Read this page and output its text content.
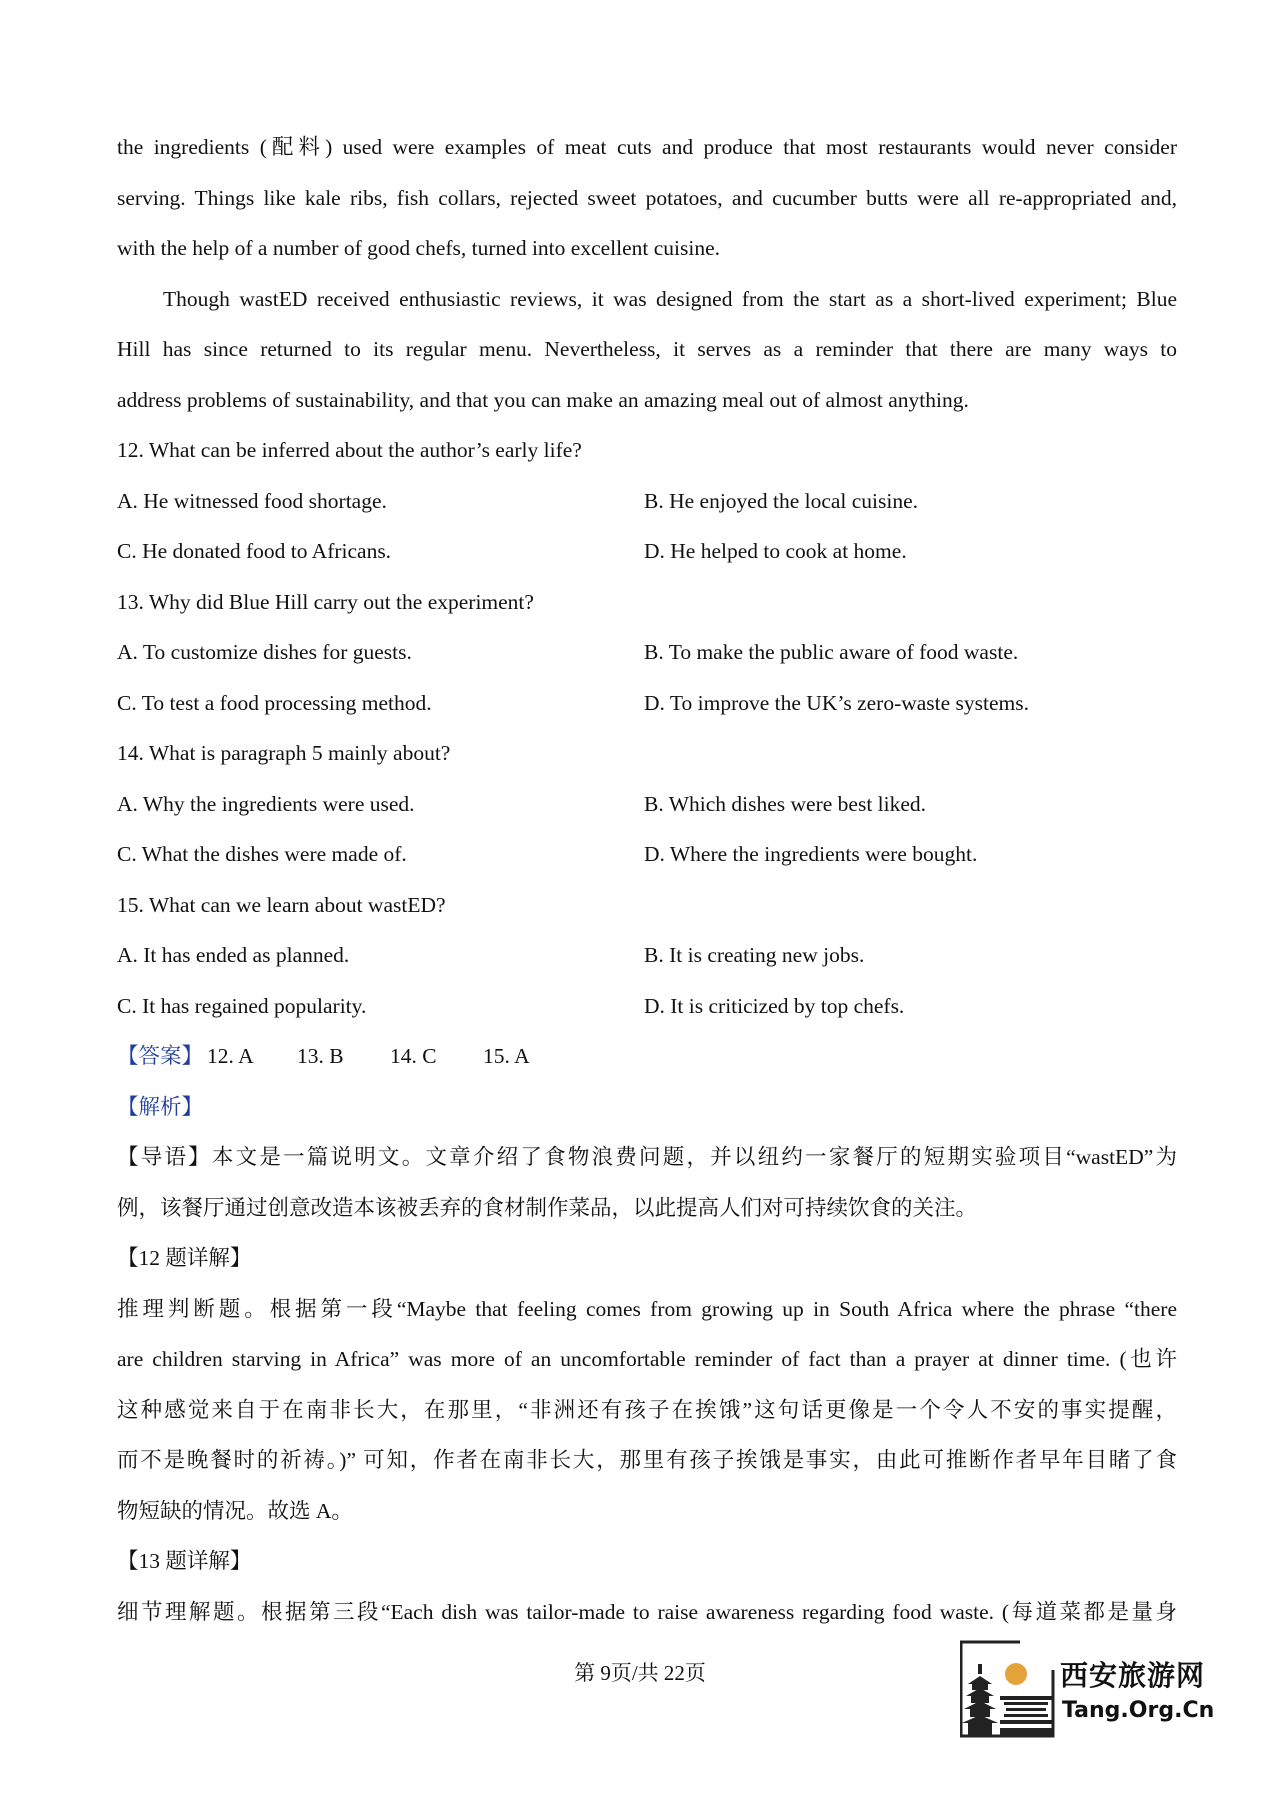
the ingredients (配料) used were examples of meat cuts and produce that most restaurants would never consider
serving. Things like kale ribs, fish collars, rejected sweet potatoes, and cucumber butts were all re-appropriated and,
with the help of a number of good chefs, turned into excellent cuisine.
Though wastED received enthusiastic reviews, it was designed from the start as a short-lived experiment; Blue
Hill has since returned to its regular menu. Nevertheless, it serves as a reminder that there are many ways to
address problems of sustainability, and that you can make an amazing meal out of almost anything.
12. What can be inferred about the author’s early life?
A. He witnessed food shortage.	B. He enjoyed the local cuisine.
C. He donated food to Africans.	D. He helped to cook at home.
13. Why did Blue Hill carry out the experiment?
A. To customize dishes for guests.	B. To make the public aware of food waste.
C. To test a food processing method.	D. To improve the UK’s zero-waste systems.
14. What is paragraph 5 mainly about?
A. Why the ingredients were used.	B. Which dishes were best liked.
C. What the dishes were made of.	D. Where the ingredients were bought.
15. What can we learn about wastED?
A. It has ended as planned.	B. It is creating new jobs.
C. It has regained popularity.	D. It is criticized by top chefs.
【答案】 12. A 13. B 14. C 15. A
【解析】
【导语】本文是一篇说明文。文章介绍了食物浪费问题，并以纽约一家餐厅的短期实验项目“wastED”为
例，该餐厅通过创意改造本该被丢弃的食材制作菜品，以此提高人们对可持续饮食的关注。
【12 题详解】
推理判断题。根据第一段“Maybe that feeling comes from growing up in South Africa where the phrase “there
are children starving in Africa” was more of an uncomfortable reminder of fact than a prayer at dinner time. (也许
这种感觉来自于在南非长大，在那里，“非洲还有孩子在挨饿”这句话更像是一个令人不安的事实提醒，
而不是晚餐时的祈祷。)” 可知，作者在南非长大，那里有孩子挨饿是事实，由此可推断作者早年目睹了食
物短缺的情况。故选 A。
【13 题详解】
细节理解题。根据第三段“Each dish was tailor-made to raise awareness regarding food waste. (每道菜都是量身
第 9页/共 22页	西安旅游网
Tang.Org.Cn
